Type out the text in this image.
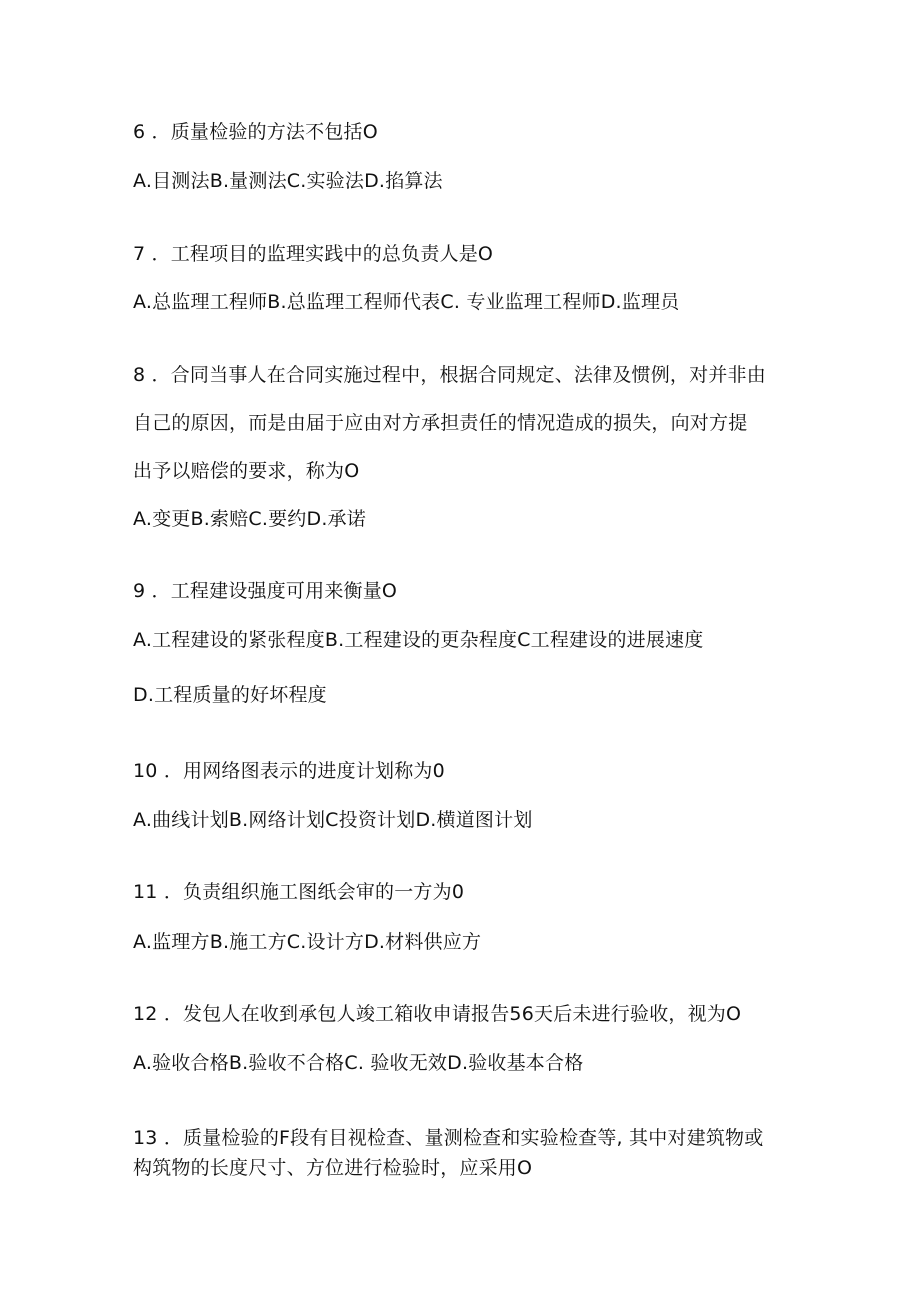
6 ．质量检验的方法不包括O
A.目测法B.量测法C.实验法D.掐算法
7 ．工程项目的监理实践中的总负责人是O
A.总监理工程师B.总监理工程师代表C. 专业监理工程师D.监理员
8 ．合同当事人在合同实施过程中，根据合同规定、法律及惯例，对并非由
自己的原因，而是由届于应由对方承担责任的情况造成的损失，向对方提
出予以赔偿的要求，称为O
A.变更B.索赔C.要约D.承诺
9 ．工程建设强度可用来衡量O
A.工程建设的紧张程度B.工程建设的更杂程度C工程建设的进展速度
D.工程质量的好坏程度
10 ．用网络图表示的进度计划称为0
A.曲线计划B.网络计划C投资计划D.横道图计划
11 ．负责组织施工图纸会审的一方为0
A.监理方B.施工方C.设计方D.材料供应方
12 ．发包人在收到承包人竣工箱收申请报告56天后未进行验收，视为O
A.验收合格B.验收不合格C. 验收无效D.验收基本合格
13 ．质量检验的F段有目视检查、量测检查和实验检查等, 其中对建筑物或
构筑物的长度尺寸、方位进行检验时，应采用O
